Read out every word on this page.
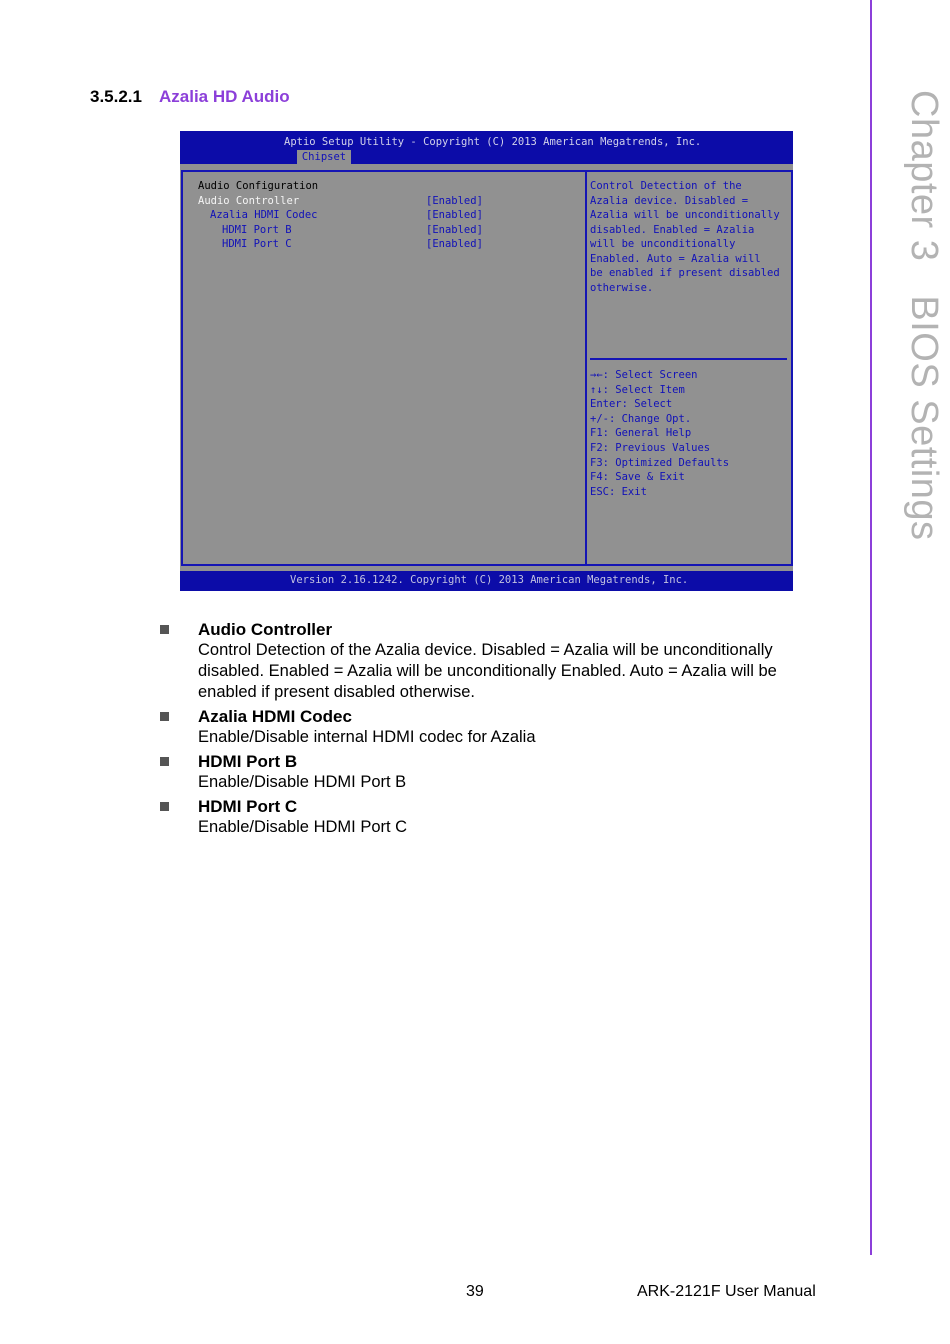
Chapter 3BIOS Settings
3.5.2.1 Azalia HD Audio
Aptio Setup Utility - Copyright (C) 2013 American Megatrends, Inc.
Chipset
Audio Configuration
Audio Controller	[Enabled]
Azalia HDMI Codec	[Enabled]
HDMI Port B	[Enabled]
HDMI Port C	[Enabled]
Control Detection of the
Azalia device. Disabled =
Azalia will be unconditionally
disabled. Enabled = Azalia
will be unconditionally
Enabled. Auto = Azalia will
be enabled if present disabled
otherwise.
→←: Select Screen
↑↓: Select Item
Enter: Select
+/-: Change Opt.
F1: General Help
F2: Previous Values
F3: Optimized Defaults
F4: Save & Exit
ESC: Exit
Version 2.16.1242. Copyright (C) 2013 American Megatrends, Inc.
Audio Controller
Control Detection of the Azalia device. Disabled = Azalia will be unconditionally disabled. Enabled = Azalia will be unconditionally Enabled. Auto = Azalia will be enabled if present disabled otherwise.
Azalia HDMI Codec
Enable/Disable internal HDMI codec for Azalia
HDMI Port B
Enable/Disable HDMI Port B
HDMI Port C
Enable/Disable HDMI Port C
39	ARK-2121F User Manual
